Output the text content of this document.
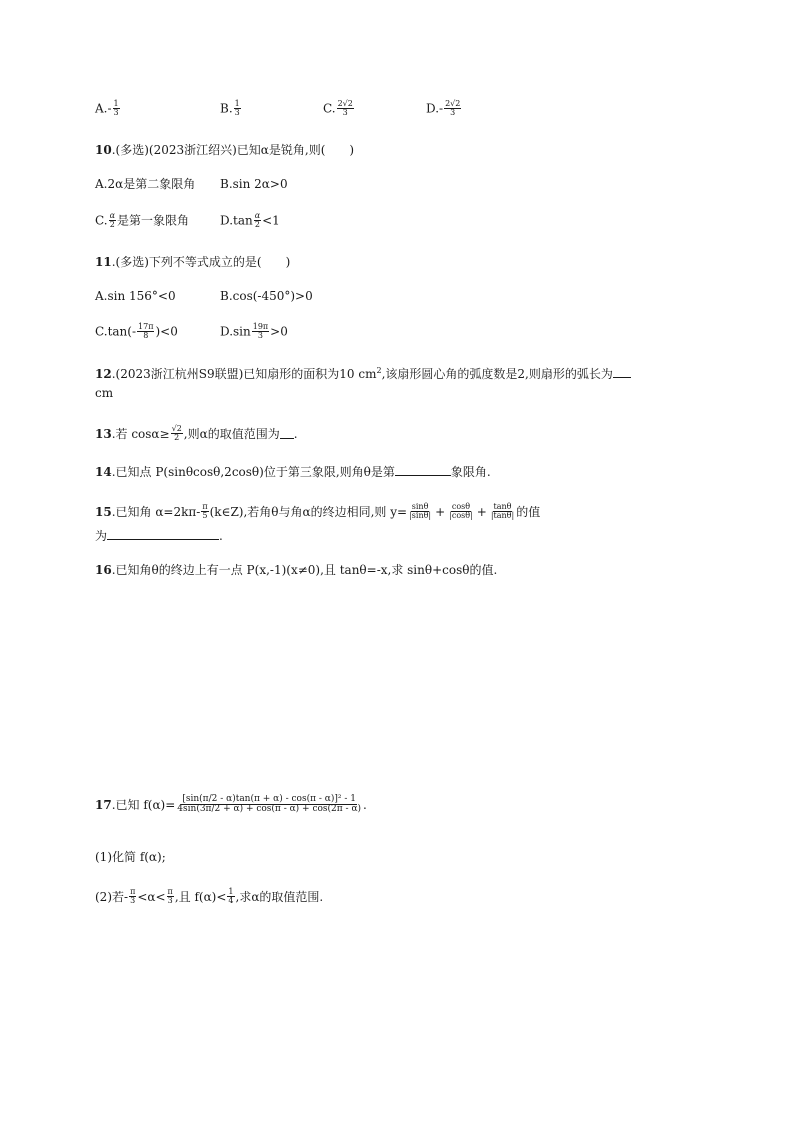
$A.- \frac{1}{3}$	B. $\frac{1}{3}$	C. $\frac{2√2}{3}$	$D.- \frac{2√2}{3}$
10.(多选)(2023浙江绍兴)已知α是锐角,则( )
A.2α是第二象限角	B.sin 2α>0
C. $\frac{\alpha}{2}$ 是第一象限角	$D.\tan \frac{\alpha}{2} <1$
11.(多选)下列不等式成立的是( )
A.sin 156°<0	B.cos(-450°)>0
$C.\tan(- \frac{17\pi}{8} )<0$	$D.\sin \frac{19\pi}{3} >0$
12.(2023浙江杭州S9联盟)已知扇形的面积为10 $cm^2$,该扇形圆心角的弧度数是2,则扇形的弧长为
cm
13 .若 $\cos\alpha\ge \frac{√2}{2}$ ,则α的取值范围为 .
14.已知点 P(sinθcosθ,2cosθ)位于第三象限,则角θ是第	象限角.
15 .已知角 $\alpha=2k\pi- \frac{\pi}{5}$ (k∈Z),若角θ与角α的终边相同,则 $y= \frac{\sin\theta}{|\sin\theta|} + \frac{\cos\theta}{|\cos\theta|} + \frac{\tan\theta}{|\tan\theta|}$ 的值
为	.
16.已知角θ的终边上有一点 P(x,-1)(x≠0),且 tanθ=-x,求 sinθ+cosθ的值.
17 .已知 $f(\alpha)= \frac{\text{[sin(π/2 - α)tan(π + α) - cos(π - α)]² - 1}}{4\sin(3\pi/2 + \alpha) + \cos(\pi - \alpha) + \cos(2\pi - \alpha)}$ .
(1)化简 f(α);
(2)若- $\frac{\pi}{3} <\alpha< \frac{\pi}{3}$ ,且 $f(\alpha)< \frac{1}{4}$ ,求α的取值范围.
